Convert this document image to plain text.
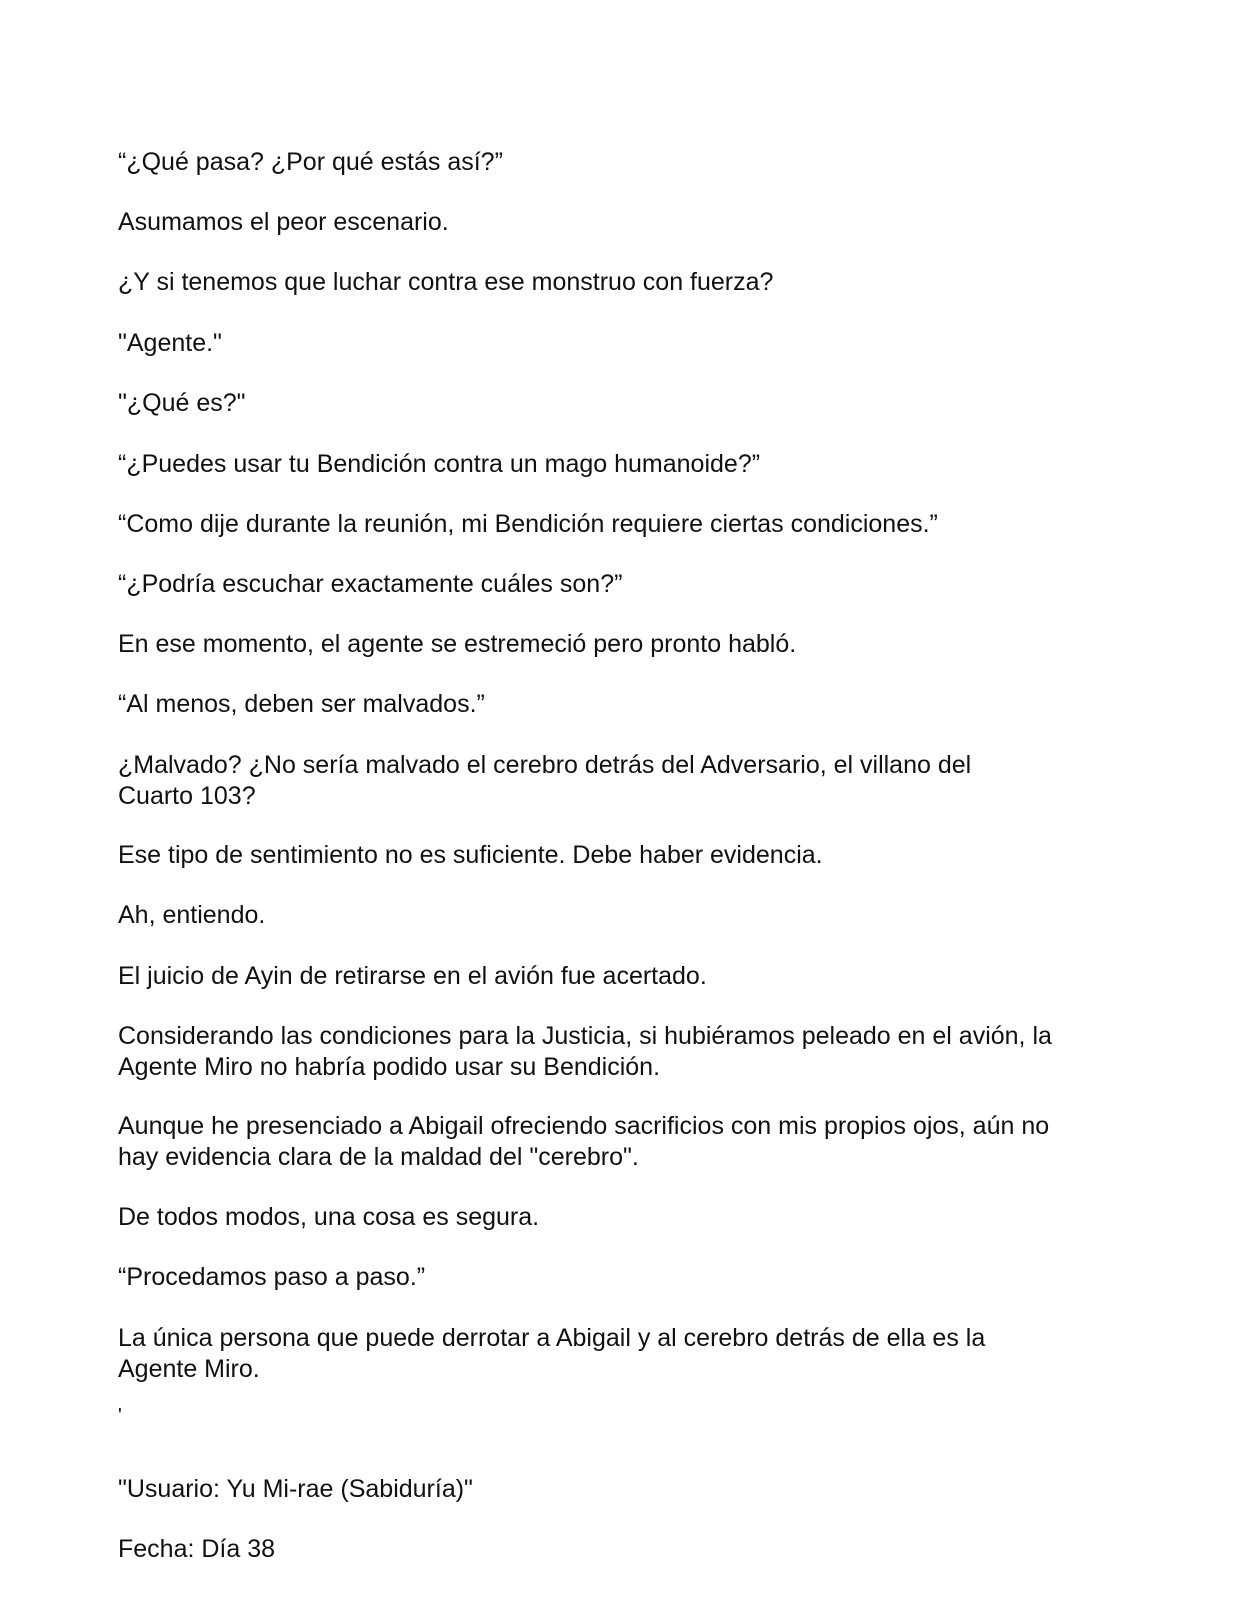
“¿Qué pasa? ¿Por qué estás así?”

Asumamos el peor escenario.

¿Y si tenemos que luchar contra ese monstruo con fuerza?

"Agente."

"¿Qué es?"

“¿Puedes usar tu Bendición contra un mago humanoide?”

“Como dije durante la reunión, mi Bendición requiere ciertas condiciones.”

“¿Podría escuchar exactamente cuáles son?”

En ese momento, el agente se estremeció pero pronto habló.

“Al menos, deben ser malvados.”

¿Malvado? ¿No sería malvado el cerebro detrás del Adversario, el villano del Cuarto 103?

Ese tipo de sentimiento no es suficiente. Debe haber evidencia.

Ah, entiendo.

El juicio de Ayin de retirarse en el avión fue acertado.

Considerando las condiciones para la Justicia, si hubiéramos peleado en el avión, la Agente Miro no habría podido usar su Bendición.

Aunque he presenciado a Abigail ofreciendo sacrificios con mis propios ojos, aún no hay evidencia clara de la maldad del "cerebro".

De todos modos, una cosa es segura.

“Procedamos paso a paso.”

La única persona que puede derrotar a Abigail y al cerebro detrás de ella es la Agente Miro.

'

"Usuario: Yu Mi-rae (Sabiduría)"

Fecha: Día 38
